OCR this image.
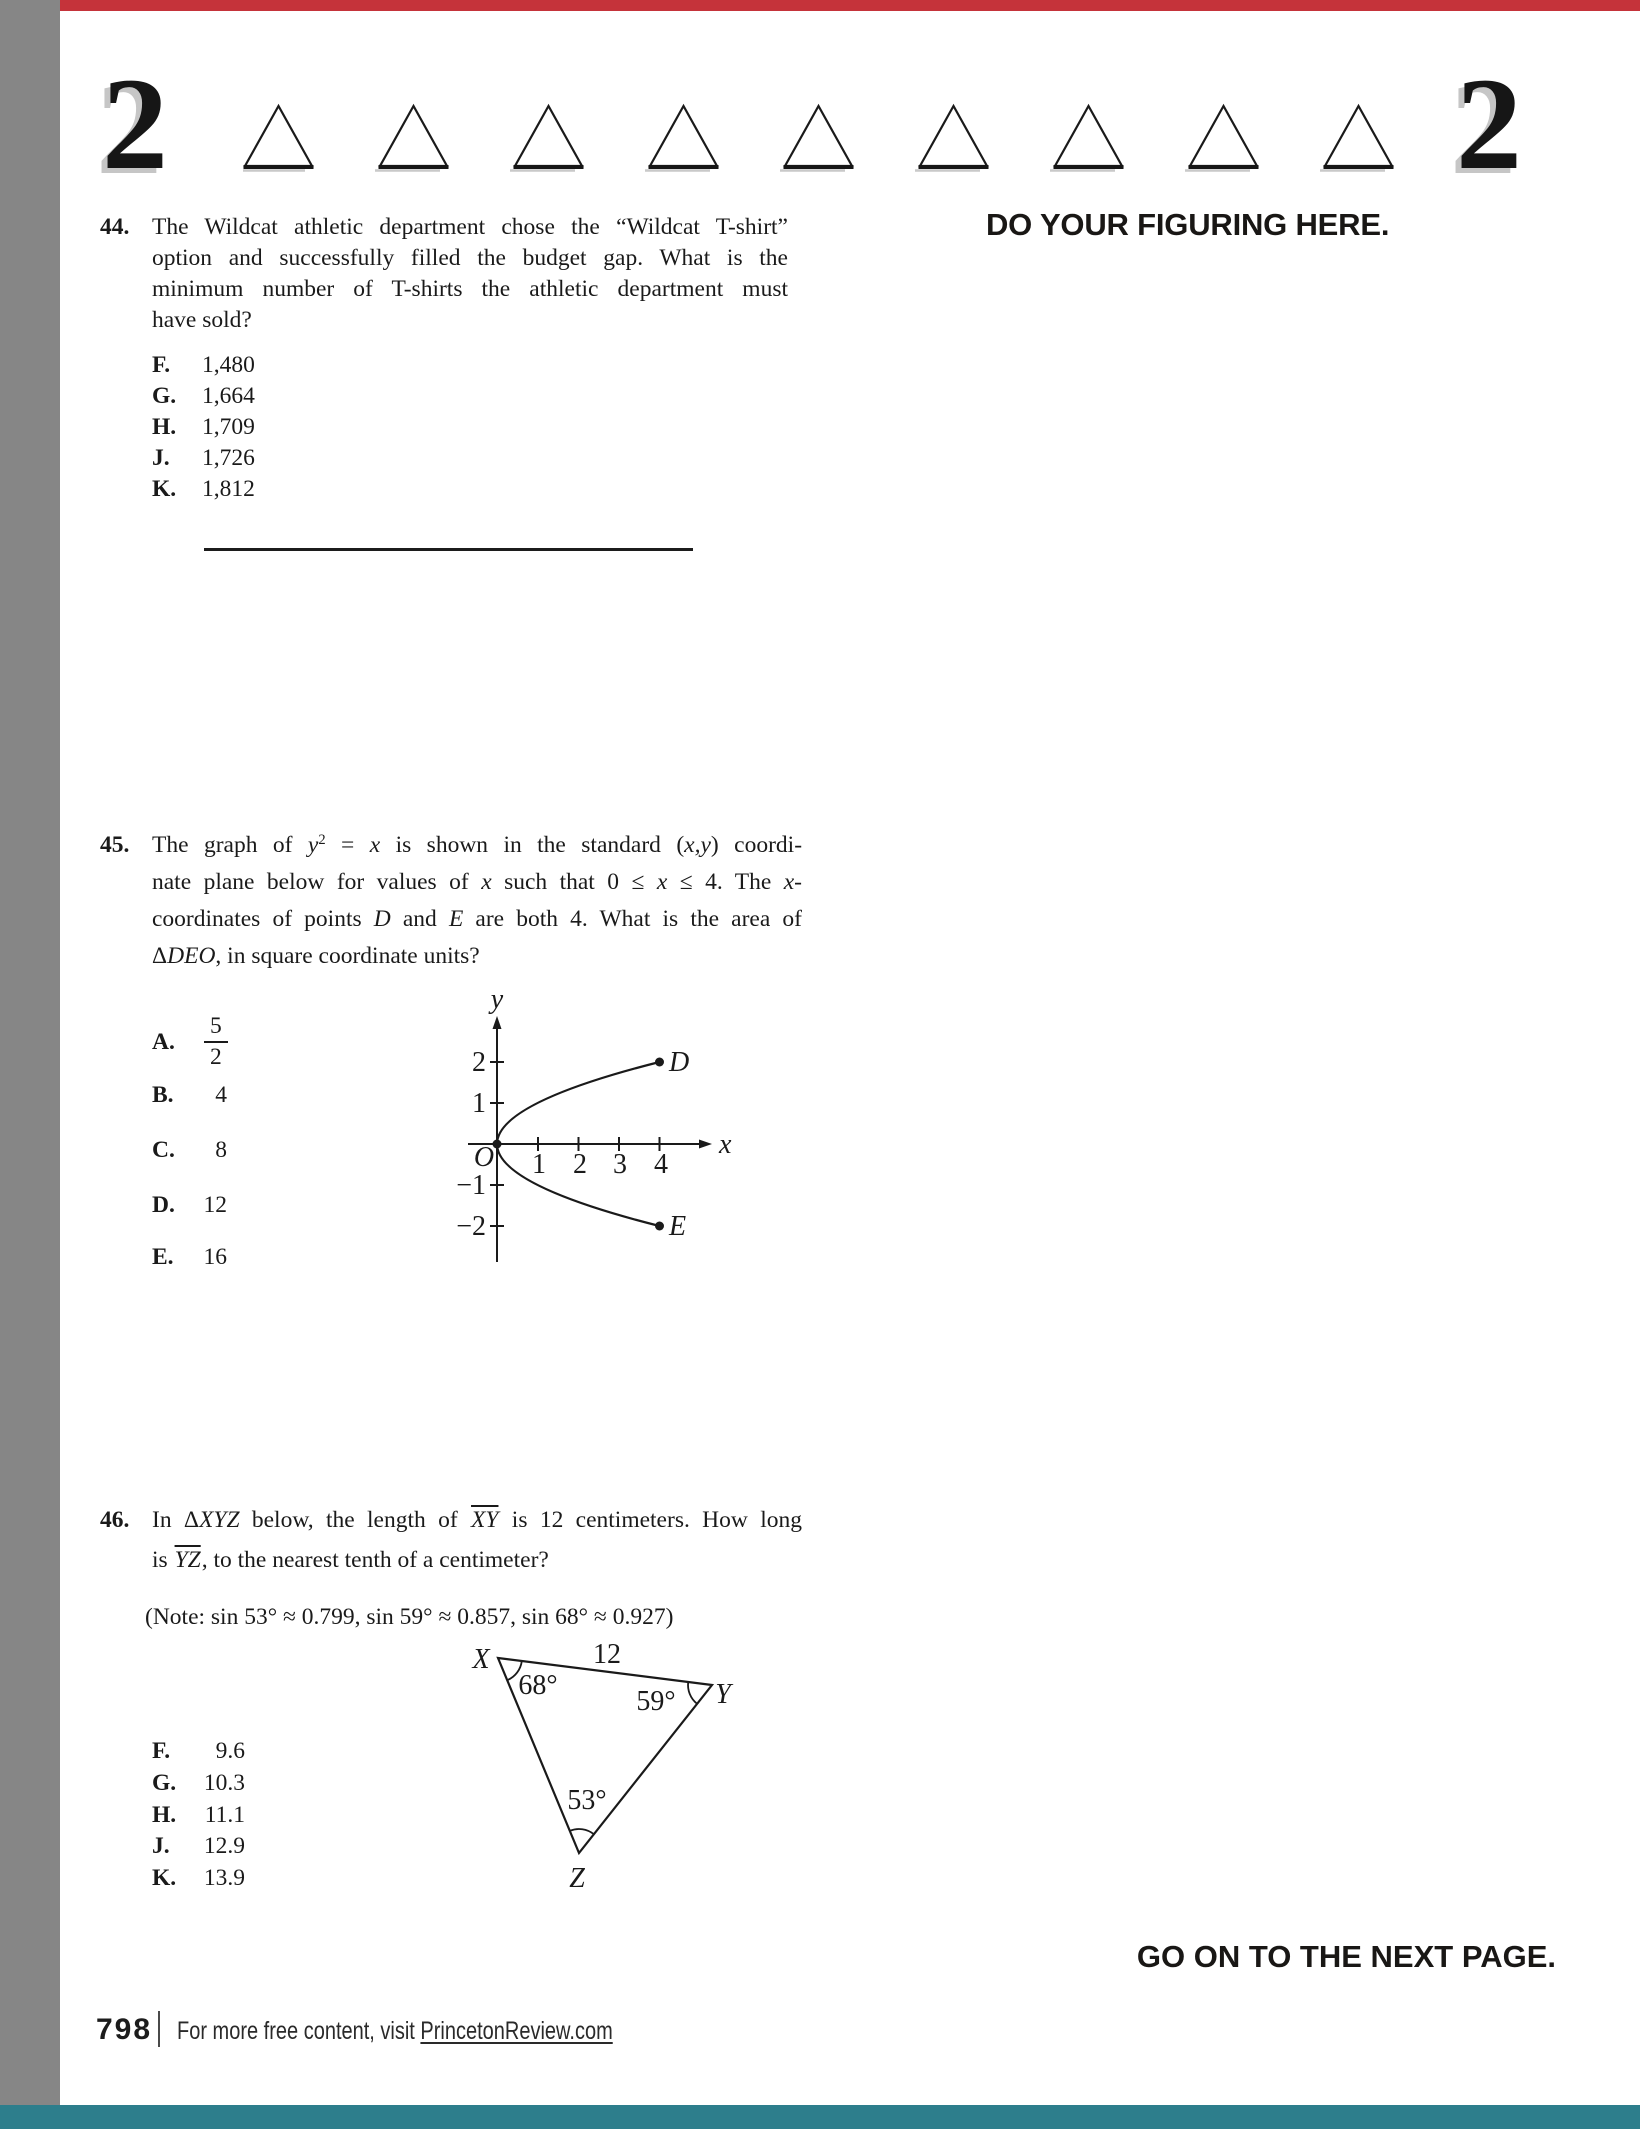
2	2
DO YOUR FIGURING HERE.
44. The Wildcat athletic department chose the “Wildcat T-shirt”
option and successfully filled the budget gap. What is the
minimum number of T-shirts the athletic department must
have sold?
F.	1,480
G.	1,664
H.	1,709
J.	1,726
K.	1,812
45. The graph of $y^2 = x$ is shown in the standard (x,y) coordi-
nate plane below for values of x such that 0 ≤ x ≤ 4. The x-
coordinates of points D and E are both 4. What is the area of
ΔDEO, in square coordinate units?
A. $\frac{5}{2}$
B.	4
C.	8
D.	12
E.	16
y
x
O 1 2 3 4
2
1
−1
−2
D
E
46. In ΔXYZ below, the length of $\overline{XY}$ is 12 centimeters. How long
is $\overline{YZ}$, to the nearest tenth of a centimeter?
(Note: sin 53° ≈ 0.799, sin 59° ≈ 0.857, sin 68° ≈ 0.927)
X
Y
Z
12
68°
59°
53°
F.	9.6
G.	10.3
H.	11.1
J.	12.9
K.	13.9
GO ON TO THE NEXT PAGE.
798 For more free content, visit PrincetonReview.com
